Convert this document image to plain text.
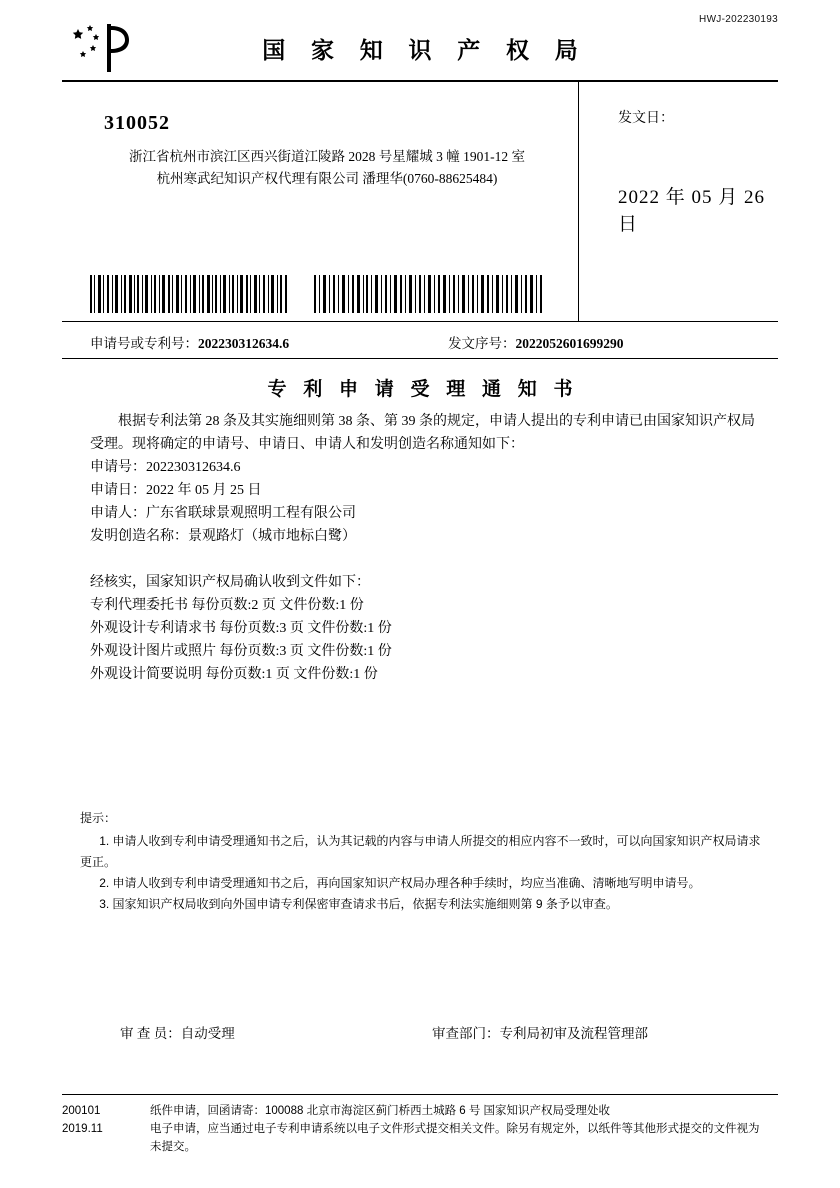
HWJ-202230193
国 家 知 识 产 权 局
310052
浙江省杭州市滨江区西兴街道江陵路 2028 号星耀城 3 幢 1901-12 室
杭州寒武纪知识产权代理有限公司 潘理华(0760-88625484)
发文日：
2022 年 05 月 26 日
申请号或专利号：202230312634.6	发文序号：2022052601699290
专 利 申 请 受 理 通 知 书
根据专利法第 28 条及其实施细则第 38 条、第 39 条的规定，申请人提出的专利申请已由国家知识产权局受理。现将确定的申请号、申请日、申请人和发明创造名称通知如下：
申请号：202230312634.6
申请日：2022 年 05 月 25 日
申请人：广东省联球景观照明工程有限公司
发明创造名称：景观路灯（城市地标白鹭）
经核实，国家知识产权局确认收到文件如下：
专利代理委托书 每份页数:2 页 文件份数:1 份
外观设计专利请求书 每份页数:3 页 文件份数:1 份
外观设计图片或照片 每份页数:3 页 文件份数:1 份
外观设计简要说明 每份页数:1 页 文件份数:1 份
提示：
1. 申请人收到专利申请受理通知书之后，认为其记载的内容与申请人所提交的相应内容不一致时，可以向国家知识产权局请求更正。
2. 申请人收到专利申请受理通知书之后，再向国家知识产权局办理各种手续时，均应当准确、清晰地写明申请号。
3. 国家知识产权局收到向外国申请专利保密审查请求书后，依据专利法实施细则第 9 条予以审查。
审 查 员：自动受理	审查部门：专利局初审及流程管理部
200101
2019.11
纸件申请，回函请寄：100088 北京市海淀区蓟门桥西土城路 6 号 国家知识产权局受理处收
电子申请，应当通过电子专利申请系统以电子文件形式提交相关文件。除另有规定外，以纸件等其他形式提交的文件视为未提交。
